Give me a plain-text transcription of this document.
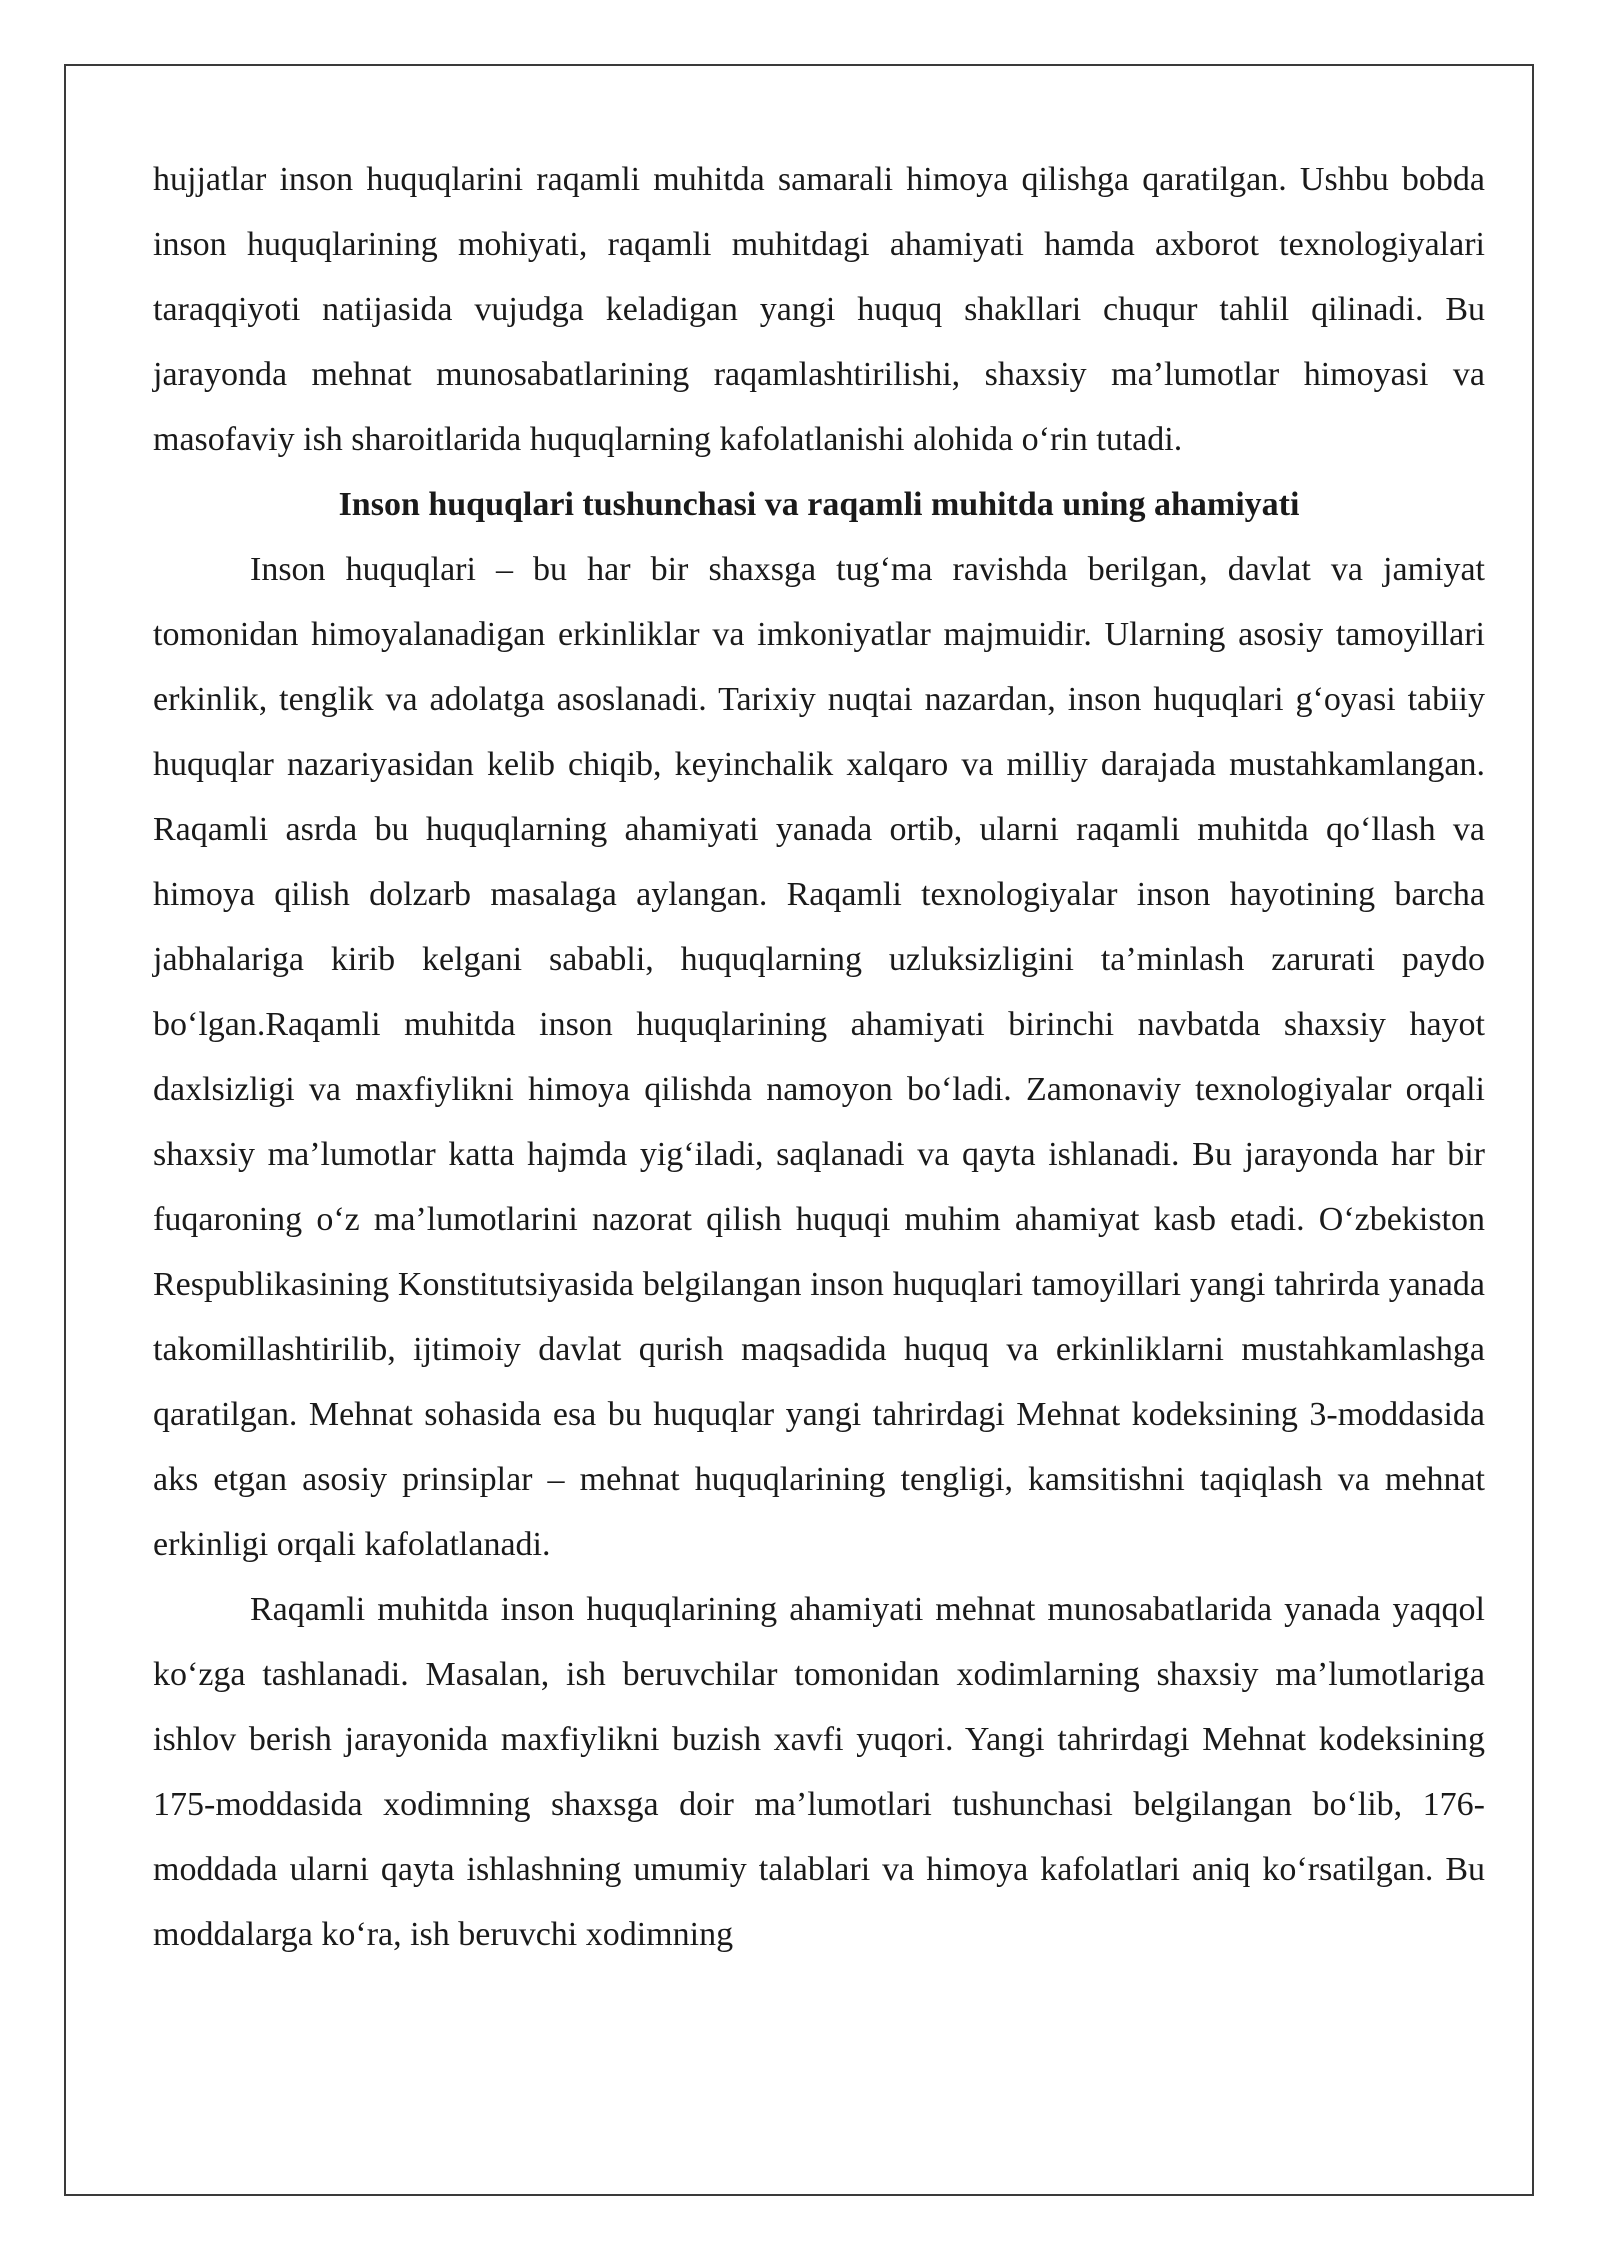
hujjatlar inson huquqlarini raqamli muhitda samarali himoya qilishga qaratilgan. Ushbu bobda inson huquqlarining mohiyati, raqamli muhitdagi ahamiyati hamda axborot texnologiyalari taraqqiyoti natijasida vujudga keladigan yangi huquq shakllari chuqur tahlil qilinadi. Bu jarayonda mehnat munosabatlarining raqamlashtirilishi, shaxsiy ma’lumotlar himoyasi va masofaviy ish sharoitlarida huquqlarning kafolatlanishi alohida o‘rin tutadi.

Inson huquqlari tushunchasi va raqamli muhitda uning ahamiyati

Inson huquqlari – bu har bir shaxsga tug‘ma ravishda berilgan, davlat va jamiyat tomonidan himoyalanadigan erkinliklar va imkoniyatlar majmuidir. Ularning asosiy tamoyillari erkinlik, tenglik va adolatga asoslanadi. Tarixiy nuqtai nazardan, inson huquqlari g‘oyasi tabiiy huquqlar nazariyasidan kelib chiqib, keyinchalik xalqaro va milliy darajada mustahkamlangan. Raqamli asrda bu huquqlarning ahamiyati yanada ortib, ularni raqamli muhitda qo‘llash va himoya qilish dolzarb masalaga aylangan. Raqamli texnologiyalar inson hayotining barcha jabhalariga kirib kelgani sababli, huquqlarning uzluksizligini ta’minlash zarurati paydo bo‘lgan.Raqamli muhitda inson huquqlarining ahamiyati birinchi navbatda shaxsiy hayot daxlsizligi va maxfiylikni himoya qilishda namoyon bo‘ladi. Zamonaviy texnologiyalar orqali shaxsiy ma’lumotlar katta hajmda yig‘iladi, saqlanadi va qayta ishlanadi. Bu jarayonda har bir fuqaroning o‘z ma’lumotlarini nazorat qilish huquqi muhim ahamiyat kasb etadi. O‘zbekiston Respublikasining Konstitutsiyasida belgilangan inson huquqlari tamoyillari yangi tahrirda yanada takomillashtirilib, ijtimoiy davlat qurish maqsadida huquq va erkinliklarni mustahkamlashga qaratilgan. Mehnat sohasida esa bu huquqlar yangi tahrirdagi Mehnat kodeksining 3-moddasida aks etgan asosiy prinsiplar – mehnat huquqlarining tengligi, kamsitishni taqiqlash va mehnat erkinligi orqali kafolatlanadi.

Raqamli muhitda inson huquqlarining ahamiyati mehnat munosabatlarida yanada yaqqol ko‘zga tashlanadi. Masalan, ish beruvchilar tomonidan xodimlarning shaxsiy ma’lumotlariga ishlov berish jarayonida maxfiylikni buzish xavfi yuqori. Yangi tahrirdagi Mehnat kodeksining 175-moddasida xodimning shaxsga doir ma’lumotlari tushunchasi belgilangan bo‘lib, 176-moddada ularni qayta ishlashning umumiy talablari va himoya kafolatlari aniq ko‘rsatilgan. Bu moddalarga ko‘ra, ish beruvchi xodimning
